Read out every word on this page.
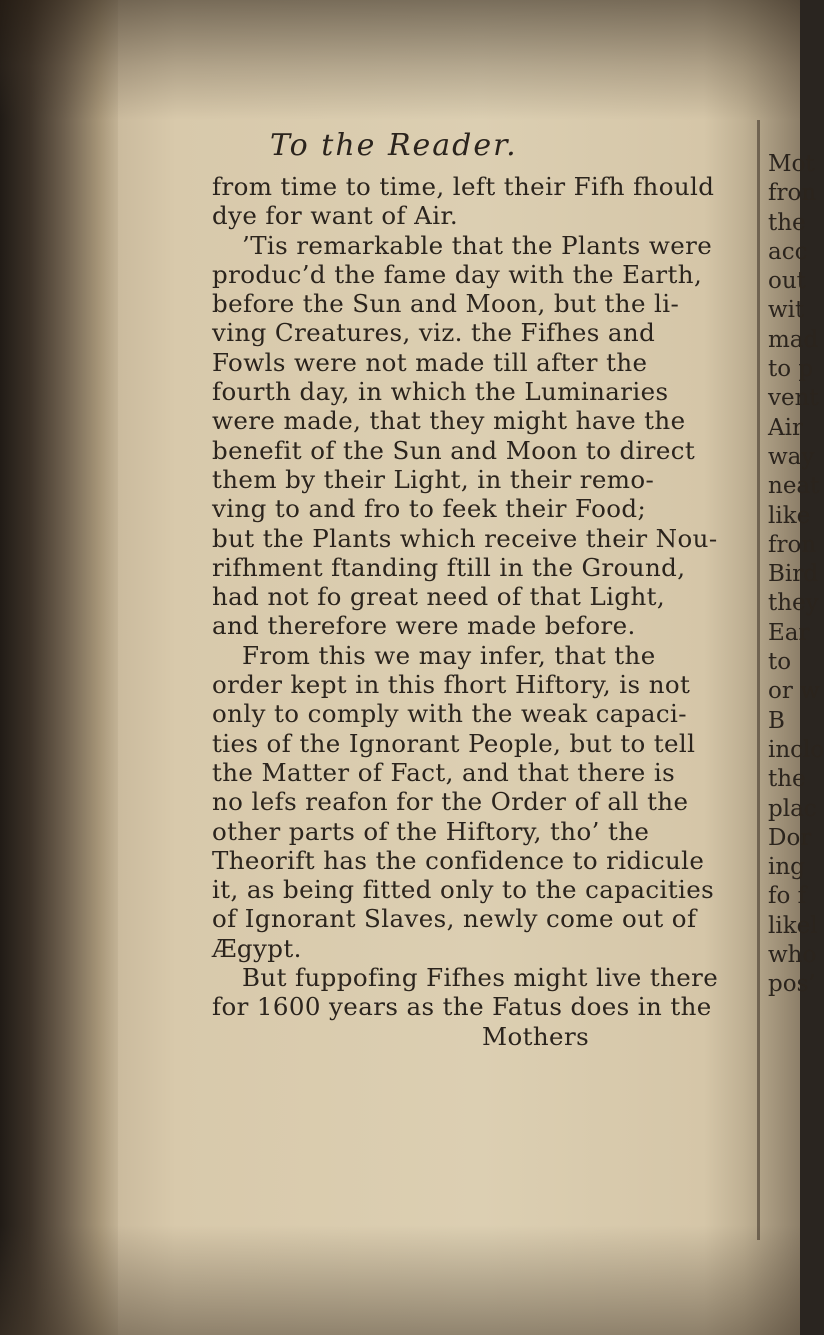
To the Reader.
from time to time, left their Fifh fhould
dye for want of Air.
’Tis remarkable that the Plants were
produc’d the fame day with the Earth,
before the Sun and Moon, but the li-
ving Creatures, viz. the Fifhes and
Fowls were not made till after the
fourth day, in which the Luminaries
were made, that they might have the
benefit of the Sun and Moon to direct
them by their Light, in their remo-
ving to and fro to feek their Food;
but the Plants which receive their Nou-
rifhment ftanding ftill in the Ground,
had not fo great need of that Light,
and therefore were made before.
From this we may infer, that the
order kept in this fhort Hiftory, is not
only to comply with the weak capaci-
ties of the Ignorant People, but to tell
the Matter of Fact, and that there is
no lefs reafon for the Order of all the
other parts of the Hiftory, tho’ the
Theorift has the confidence to ridicule
it, as being fitted only to the capacities
of Ignorant Slaves, newly come out of
Ægypt.
But fuppofing Fifhes might live there
for 1600 years as the Fatus does in the
Mothers
Mot
fron
the
acc
out
wit
mad
to p
vent
Air
way
neat
like
fron
Bird
they
Ear
to
or w
B
inclo
the
plac
Dor
ing
fo f
likel
who
pos’
